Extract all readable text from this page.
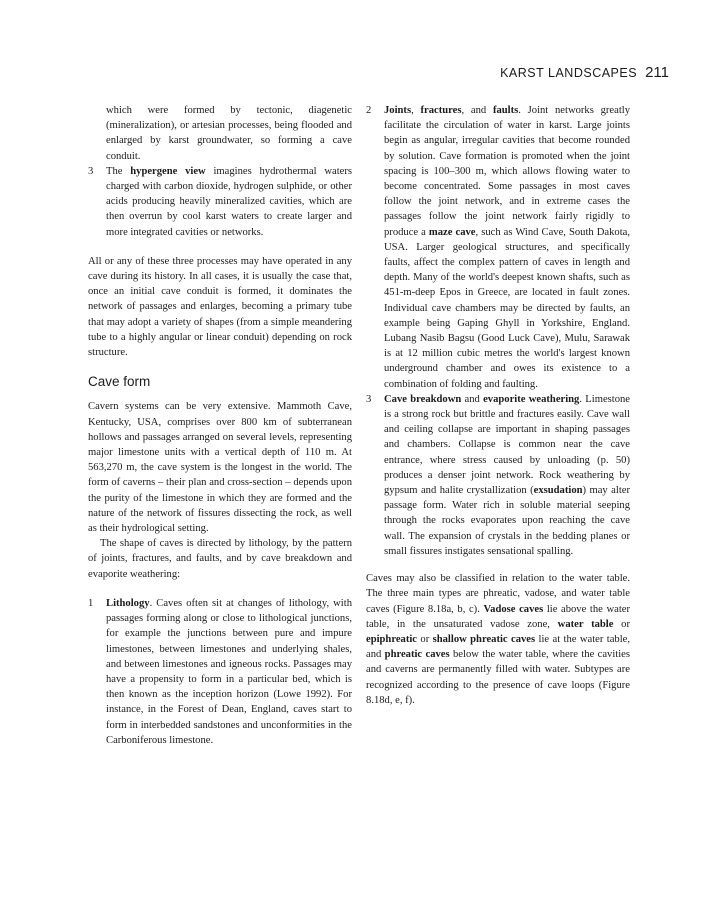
KARST LANDSCAPES 211

which were formed by tectonic, diagenetic (mineralization), or artesian processes, being flooded and enlarged by karst groundwater, so forming a cave conduit.

3 The hypergene view imagines hydrothermal waters charged with carbon dioxide, hydrogen sulphide, or other acids producing heavily mineralized cavities, which are then overrun by cool karst waters to create larger and more integrated cavities or networks.

All or any of these three processes may have operated in any cave during its history. In all cases, it is usually the case that, once an initial cave conduit is formed, it dominates the network of passages and enlarges, becoming a primary tube that may adopt a variety of shapes (from a simple meandering tube to a highly angular or linear conduit) depending on rock structure.

Cave form

Cavern systems can be very extensive. Mammoth Cave, Kentucky, USA, comprises over 800 km of subterranean hollows and passages arranged on several levels, representing major limestone units with a vertical depth of 110 m. At 563,270 m, the cave system is the longest in the world. The form of caverns – their plan and cross-section – depends upon the purity of the limestone in which they are formed and the nature of the network of fissures dissecting the rock, as well as their hydrological setting.

The shape of caves is directed by lithology, by the pattern of joints, fractures, and faults, and by cave breakdown and evaporite weathering:

1 Lithology. Caves often sit at changes of lithology, with passages forming along or close to lithological junctions, for example the junctions between pure and impure limestones, between limestones and underlying shales, and between limestones and igneous rocks. Passages may have a propensity to form in a particular bed, which is then known as the inception horizon (Lowe 1992). For instance, in the Forest of Dean, England, caves start to form in interbedded sandstones and unconformities in the Carboniferous limestone.
2 Joints, fractures, and faults. Joint networks greatly facilitate the circulation of water in karst. Large joints begin as angular, irregular cavities that become rounded by solution. Cave formation is promoted when the joint spacing is 100–300 m, which allows flowing water to become concentrated. Some passages in most caves follow the joint network, and in extreme cases the passages follow the joint network fairly rigidly to produce a maze cave, such as Wind Cave, South Dakota, USA. Larger geological structures, and specifically faults, affect the complex pattern of caves in length and depth. Many of the world's deepest known shafts, such as 451-m-deep Epos in Greece, are located in fault zones. Individual cave chambers may be directed by faults, an example being Gaping Ghyll in Yorkshire, England. Lubang Nasib Bagsu (Good Luck Cave), Mulu, Sarawak is at 12 million cubic metres the world's largest known underground chamber and owes its existence to a combination of folding and faulting.
3 Cave breakdown and evaporite weathering. Limestone is a strong rock but brittle and fractures easily. Cave wall and ceiling collapse are important in shaping passages and chambers. Collapse is common near the cave entrance, where stress caused by unloading (p. 50) produces a denser joint network. Rock weathering by gypsum and halite crystallization (exsudation) may alter passage form. Water rich in soluble material seeping through the rocks evaporates upon reaching the cave wall. The expansion of crystals in the bedding planes or small fissures instigates sensational spalling.

Caves may also be classified in relation to the water table. The three main types are phreatic, vadose, and water table caves (Figure 8.18a, b, c). Vadose caves lie above the water table, in the unsaturated vadose zone, water table or epiphreatic or shallow phreatic caves lie at the water table, and phreatic caves below the water table, where the cavities and caverns are permanently filled with water. Subtypes are recognized according to the presence of cave loops (Figure 8.18d, e, f).
